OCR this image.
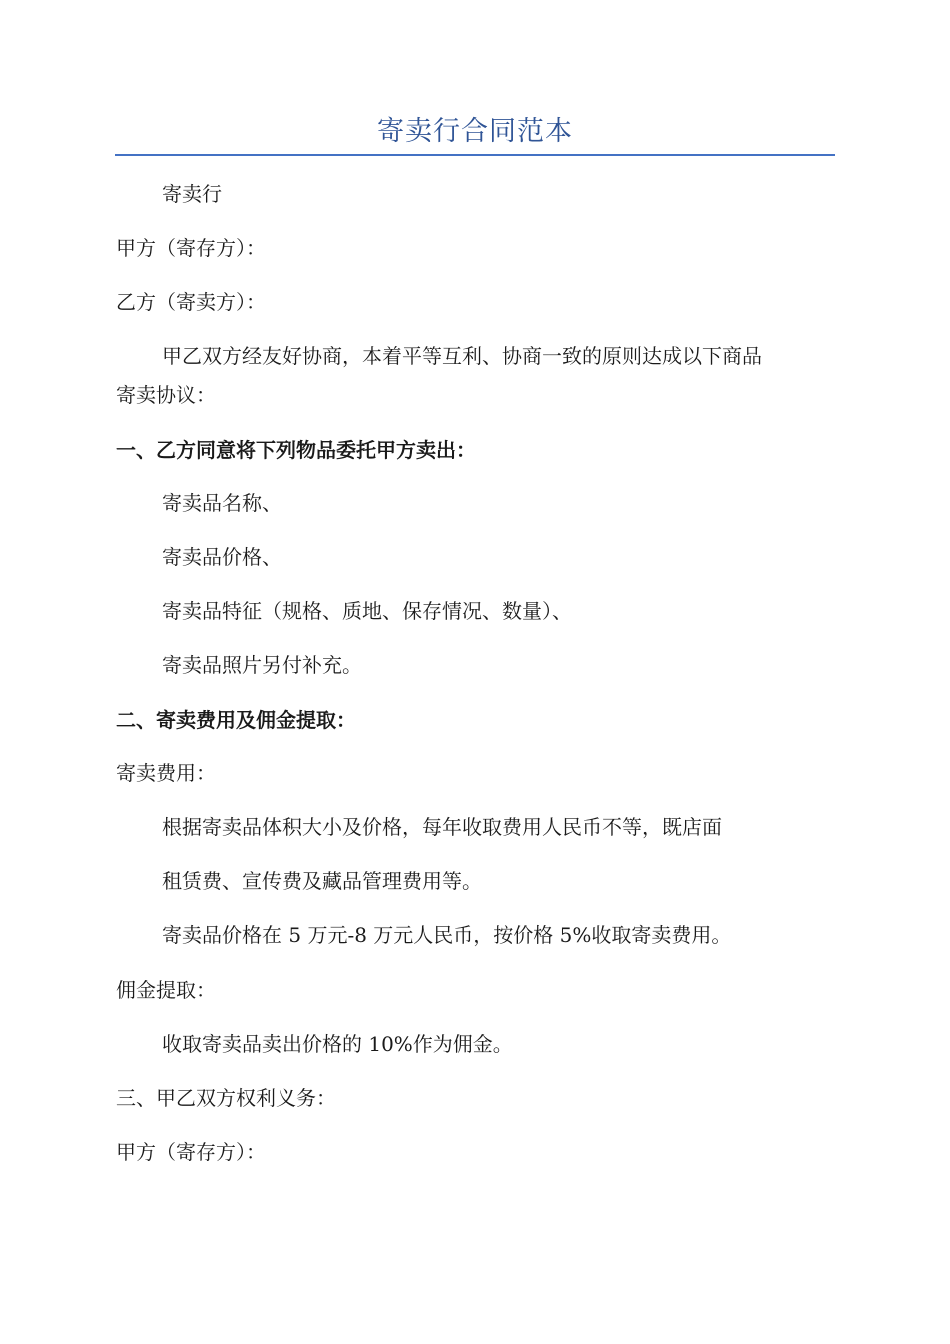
寄卖行合同范本
寄卖行
甲方（寄存方）：
乙方（寄卖方）：
甲乙双方经友好协商，本着平等互利、协商一致的原则达成以下商品
寄卖协议：
一、乙方同意将下列物品委托甲方卖出：
寄卖品名称、
寄卖品价格、
寄卖品特征（规格、质地、保存情况、数量）、
寄卖品照片另付补充。
二、寄卖费用及佣金提取：
寄卖费用：
根据寄卖品体积大小及价格，每年收取费用人民币不等，既店面
租赁费、宣传费及藏品管理费用等。
寄卖品价格在 5 万元-8 万元人民币，按价格 5%收取寄卖费用。
佣金提取：
收取寄卖品卖出价格的 10%作为佣金。
三、甲乙双方权利义务：
甲方（寄存方）：
